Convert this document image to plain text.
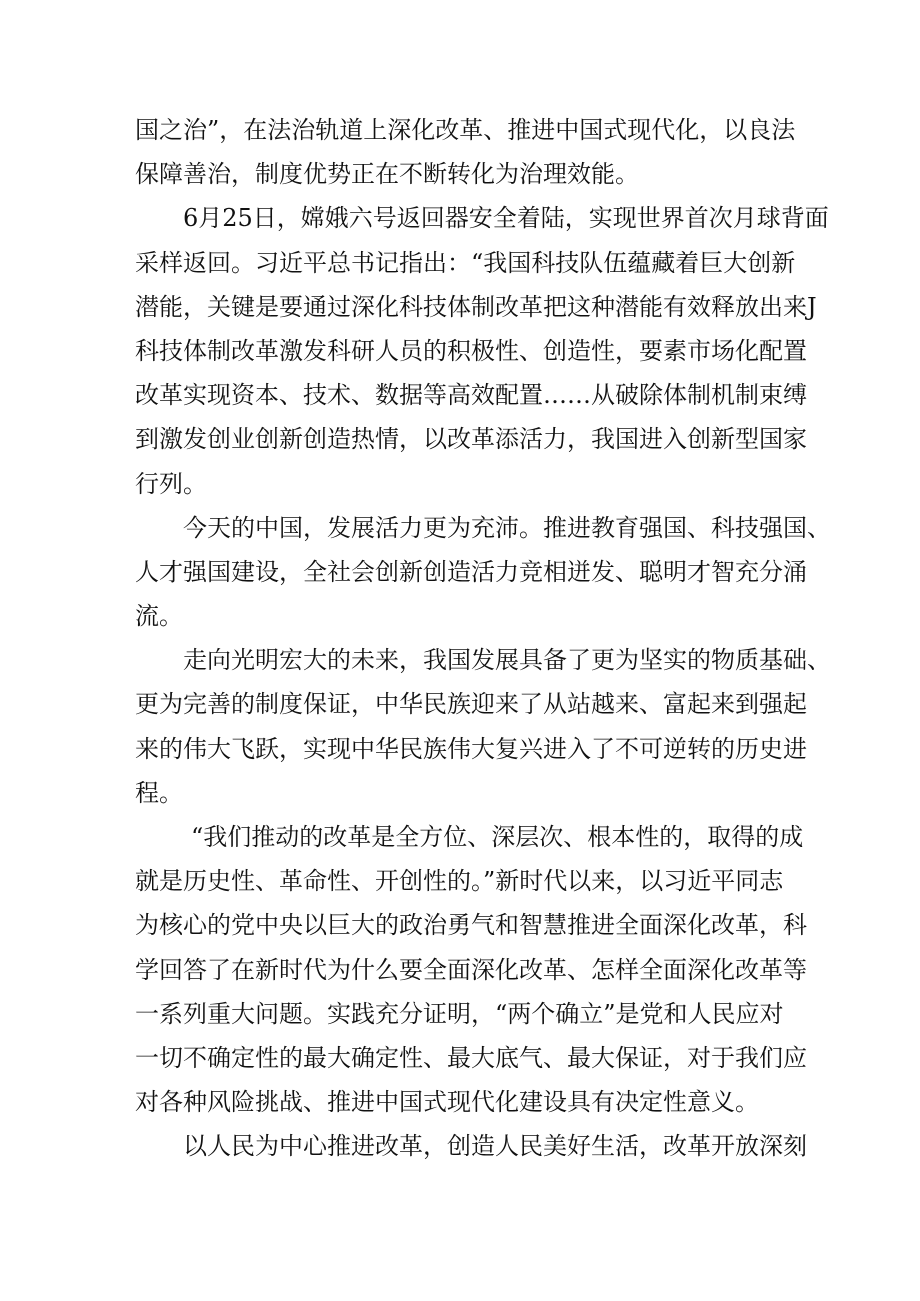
国之治”，在法治轨道上深化改革、推进中国式现代化，以良法
保障善治，制度优势正在不断转化为治理效能。
6月25日，嫦娥六号返回器安全着陆，实现世界首次月球背面
采样返回。习近平总书记指出：“我国科技队伍蕴藏着巨大创新
潜能，关键是要通过深化科技体制改革把这种潜能有效释放出来J
科技体制改革激发科研人员的积极性、创造性，要素市场化配置
改革实现资本、技术、数据等高效配置……从破除体制机制束缚
到激发创业创新创造热情，以改革添活力，我国进入创新型国家
行列。
今天的中国，发展活力更为充沛。推进教育强国、科技强国、
人才强国建设，全社会创新创造活力竞相迸发、聪明才智充分涌
流。
走向光明宏大的未来，我国发展具备了更为坚实的物质基础、
更为完善的制度保证，中华民族迎来了从站越来、富起来到强起
来的伟大飞跃，实现中华民族伟大复兴进入了不可逆转的历史进
程。
“我们推动的改革是全方位、深层次、根本性的，取得的成
就是历史性、革命性、开创性的。”新时代以来，以习近平同志
为核心的党中央以巨大的政治勇气和智慧推进全面深化改革，科
学回答了在新时代为什么要全面深化改革、怎样全面深化改革等
一系列重大问题。实践充分证明，“两个确立”是党和人民应对
一切不确定性的最大确定性、最大底气、最大保证，对于我们应
对各种风险挑战、推进中国式现代化建设具有决定性意义。
以人民为中心推进改革，创造人民美好生活，改革开放深刻
